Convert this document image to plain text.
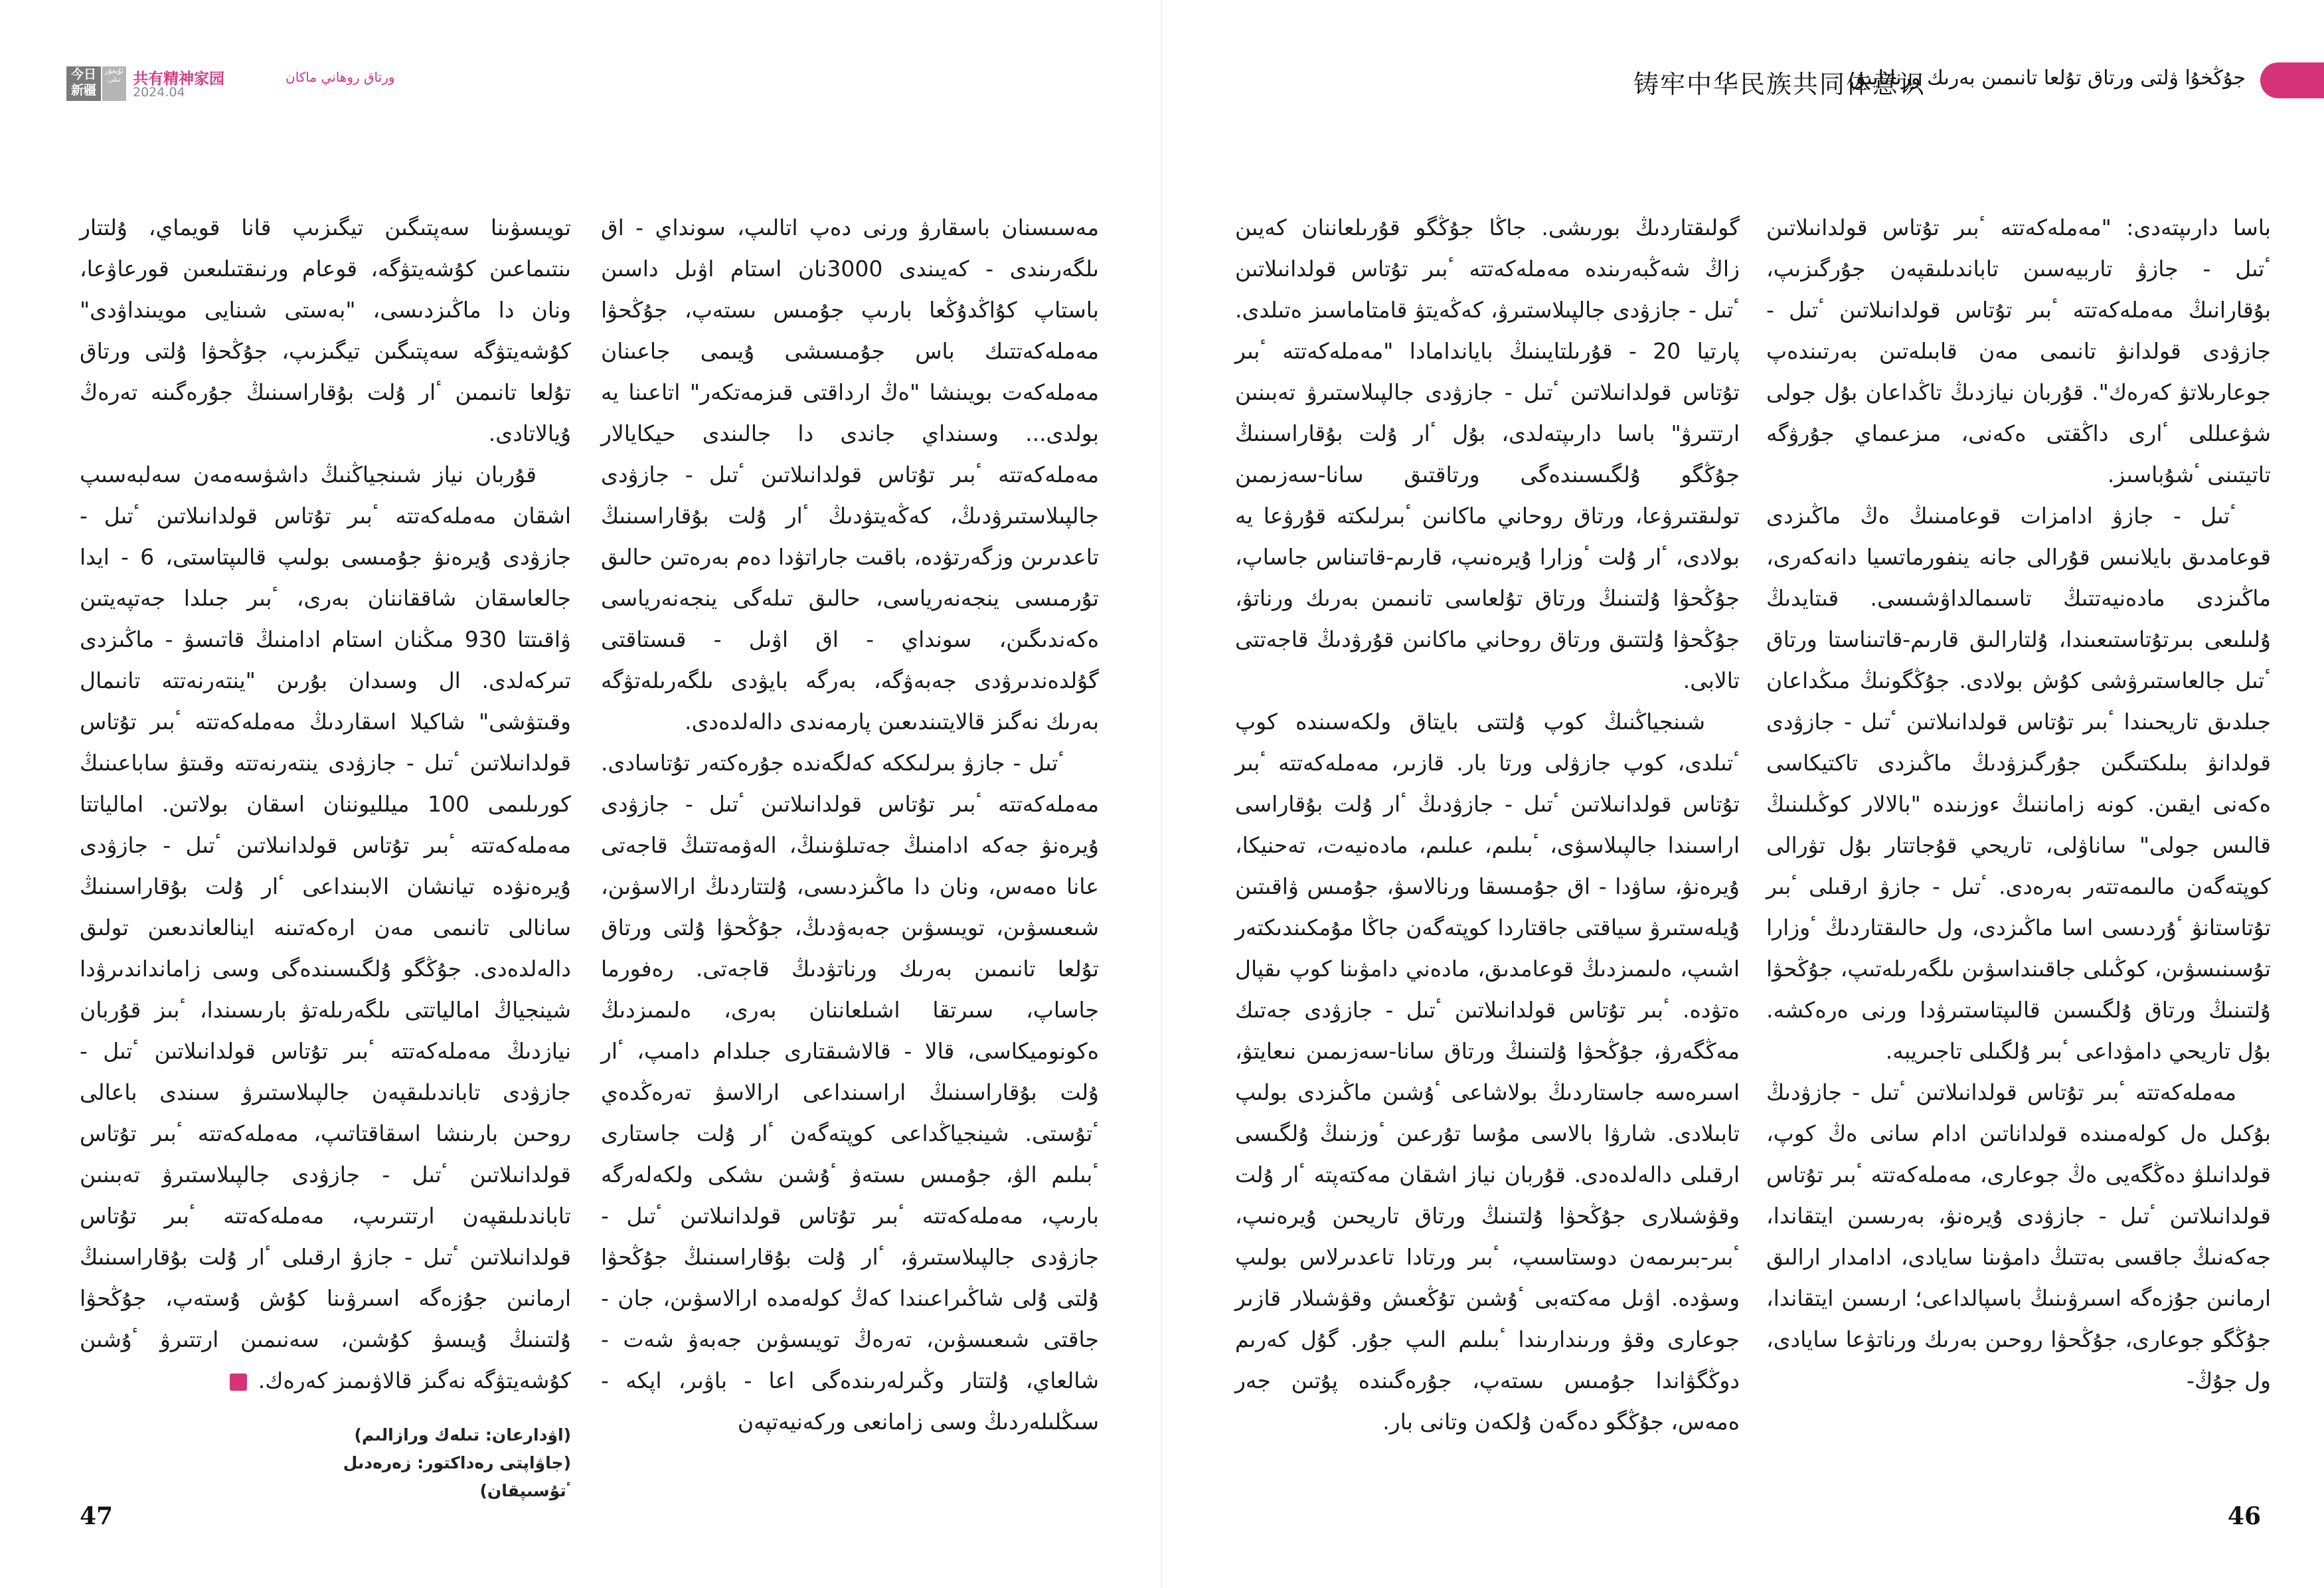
今日
新疆
ئۇيغۇر تىلى 共有精神家园
2024.04
ورتاق روھاني ماكان	铸牢中华民族共同体意识
جۇڭخۇا ۋلتى ورتاق تۇلعا تانىمىن بەرىك ورناتايىق

باسا دارىپتەدى: "مەملەكەتتە ٴبىر تۇتاس قولدانىلاتىن ٴتىل - جازۋ تاربيەسىن تاباندىلىقپەن جۇرگىزىپ، بۇقارانىڭ مەملەكەتتە ٴبىر تۇتاس قولدانىلاتىن ٴتىل - جازۋدى قولدانۋ تانىمى مەن قابىلەتىن بەرتىندەپ جوعارىلاتۋ كەرەك". قۇربان نيازدىڭ تاڭداعان بۇل جولى شۋعىللى ٴارى داڭقتى ەكەنى، مىزعىماي جۇرۋگە تاتيتىنى ٴشۇباسىز.

ٴتىل - جازۋ ادامزات قوعامىنىڭ ەڭ ماڭىزدى قوعامدىق بايلانىس قۇرالى جانە ينفورماتسيا دانەكەرى، ماڭىزدى مادەنيەتتىڭ تاسىمالداۋشىسى. قىتايدىڭ ۇلىلىعى بىرتۇتاستىعىندا، ۇلتارالىق قارىم-قاتىناستا ورتاق ٴتىل جالعاستىرۋشى كۇش بولادى. جۇڭگونىڭ مىڭداعان جىلدىق تاريحىندا ٴبىر تۇتاس قولدانىلاتىن ٴتىل - جازۋدى قولدانۋ بىلىكتىگىن جۇرگىزۋدىڭ ماڭىزدى تاكتيكاسى ەكەنى ايقىن. كونە زاماننىڭ ءوزىندە "بالالار كوڭىلىنىڭ قالىس جولى" ساناۋلى، تاريحي قۇجاتتار بۇل تۋرالى كوپتەگەن مالىمەتتەر بەرەدى. ٴتىل - جازۋ ارقىلى ٴبىر تۇتاستانۋ ٴۇردىسى اسا ماڭىزدى، ول حالىقتاردىڭ ٴوزارا تۇسىنىسۋىن، كوڭىلى جاقىنداسۋىن ىلگەرىلەتىپ، جۇڭحۋا ۇلتىنىڭ ورتاق ۇلگىسىن قالىپتاستىرۋدا ورنى ەرەكشە. بۇل تاريحي دامۋداعى ٴبىر ۇلگىلى تاجىريبە.

مەملەكەتتە ٴبىر تۇتاس قولدانىلاتىن ٴتىل - جازۋدىڭ بۇكىل ەل كولەمىندە قولداناتىن ادام سانى ەڭ كوپ، قولدانىلۋ دەڭگەيى ەڭ جوعارى، مەملەكەتتە ٴبىر تۇتاس قولدانىلاتىن ٴتىل - جازۋدى ۇيرەنۋ، بەرىسىن ايتقاندا، جەكەنىڭ جاقسى بەتتىڭ دامۋىنا سايادى، ادامدار ارالىق ارمانىن جۇزەگە اسىرۋىنىڭ باسپالداعى؛ ارىسىن ايتقاندا، جۇڭگو جوعارى، جۇڭحۋا روحىن بەرىك ورناتۋعا سايادى، ول جۇڭ-

گولىقتاردىڭ بورىشى. جاڭا جۇڭگو قۇرىلعاننان كەيىن زاڭ شەڭبەرىندە مەملەكەتتە ٴبىر تۇتاس قولدانىلاتىن ٴتىل - جازۋدى جالپىلاستىرۋ، كەڭەيتۋ قامتاماسىز ەتىلدى. پارتيا 20 - قۇرىلتايىنىڭ باياندامادا "مەملەكەتتە ٴبىر تۇتاس قولدانىلاتىن ٴتىل - جازۋدى جالپىلاستىرۋ تەبىنىن ارتتىرۋ" باسا دارىپتەلدى، بۇل ٴار ۇلت بۇقاراسىنىڭ جۇڭگو ۇلگىسىندەگى ورتاقتىق سانا-سەزىمىن تولىقتىرۋعا، ورتاق روحاني ماكانىن ٴبىرلىكتە قۇرۋعا يە بولادى، ٴار ۇلت ٴوزارا ۇيرەنىپ، قارىم-قاتىناس جاساپ، جۇڭحۋا ۇلتىنىڭ ورتاق تۇلعاسى تانىمىن بەرىك ورناتۋ، جۇڭحۋا ۇلتتىق ورتاق روحاني ماكانىن قۇرۋدىڭ قاجەتتى تالابى.

شىنجياڭنىڭ كوپ ۇلتتى بايتاق ولكەسىندە كوپ ٴتىلدى، كوپ جازۋلى ورتا بار. قازىر، مەملەكەتتە ٴبىر تۇتاس قولدانىلاتىن ٴتىل - جازۋدىڭ ٴار ۇلت بۇقاراسى اراسىندا جالپىلاسۋى، ٴبىلىم، عىلىم، مادەنيەت، تەحنيكا، ۇيرەنۋ، ساۋدا - اق جۇمىسقا ورنالاسۋ، جۇمىس ۋاقىتىن ۇيلەستىرۋ سياقتى جاقتاردا كوپتەگەن جاڭا مۇمكىندىكتەر اشىپ، ەلىمىزدىڭ قوعامدىق، مادەني دامۋىنا كوپ ىقپال ەتۋدە. ٴبىر تۇتاس قولدانىلاتىن ٴتىل - جازۋدى جەتىك مەڭگەرۋ، جۇڭحۋا ۇلتىنىڭ ورتاق سانا-سەزىمىن نىعايتۋ، اسىرەسە جاستاردىڭ بولاشاعى ٴۇشىن ماڭىزدى بولىپ تابىلادى. شارۋا بالاسى مۇسا تۇرعىن ٴوزىنىڭ ۇلگىسى ارقىلى دالەلدەدى. قۇربان نياز اشقان مەكتەپتە ٴار ۇلت وقۋشىلارى جۇڭحۋا ۇلتىنىڭ ورتاق تاريحىن ۇيرەنىپ، ٴبىر-بىرىمەن دوستاسىپ، ٴبىر ورتادا تاعدىرلاس بولىپ وسۋدە. اۋىل مەكتەبى ٴۇشىن تۇڭعىش وقۋشىلار قازىر جوعارى وقۋ ورىندارىندا ٴبىلىم الىپ جۇر. گۇل كەرىم دوڭگۋاندا جۇمىس ىستەپ، جۇرەگىندە پۇتىن جەر ەمەس، جۇڭگو دەگەن ۇلكەن وتانى بار.

مەسىسنان باسقارۋ ورنى دەپ اتالىپ، سونداي - اق ىلگەرىندى - كەيىندى 3000نان استام اۋىل داسىن باستاپ كۇاڭدۇڭعا بارىپ جۇمىس ىستەپ، جۇڭحۋا مەملەكەتتىك باس جۇمىسشى ۇيىمى جاعىنان مەملەكەت بويىنشا "ەڭ ارداقتى قىزمەتكەر" اتاعىنا يە بولدى... وسىنداي جاندى دا جالىندى حيكايالار مەملەكەتتە ٴبىر تۇتاس قولدانىلاتىن ٴتىل - جازۋدى جالپىلاستىرۋدىڭ، كەڭەيتۋدىڭ ٴار ۇلت بۇقاراسىنىڭ تاعدىرىن وزگەرتۋدە، باقىت جاراتۋدا دەم بەرەتىن حالىق تۇرمىسى ينجەنەرياسى، حالىق تىلەگى ينجەنەرياسى ەكەندىگىن، سونداي - اق اۋىل - قىستاقتى گۇلدەندىرۋدى جەبەۋگە، بەرگە بايۋدى ىلگەرىلەتۋگە بەرىك نەگىز قالايتىندىعىن پارمەندى دالەلدەدى.

ٴتىل - جازۋ بىرلىككە كەلگەندە جۇرەكتەر تۇتاسادى. مەملەكەتتە ٴبىر تۇتاس قولدانىلاتىن ٴتىل - جازۋدى ۇيرەنۋ جەكە ادامنىڭ جەتىلۋىنىڭ، الەۋمەتتىڭ قاجەتى عانا ەمەس، ونان دا ماڭىزدىسى، ۇلتتاردىڭ ارالاسۋىن، شىعىسۋىن، تويىسۋىن جەبەۋدىڭ، جۇڭحۋا ۇلتى ورتاق تۇلعا تانىمىن بەرىك ورناتۋدىڭ قاجەتى. رەفورما جاساپ، سىرتقا اشىلعاننان بەرى، ەلىمىزدىڭ ەكونوميكاسى، قالا - قالاشىقتارى جىلدام دامىپ، ٴار ۇلت بۇقاراسىنىڭ اراسىنداعى ارالاسۋ تەرەڭدەي ٴتۇستى. شينجياڭداعى كوپتەگەن ٴار ۇلت جاستارى ٴبىلىم الۋ، جۇمىس ىستەۋ ٴۇشىن ىشكى ولكەلەرگە بارىپ، مەملەكەتتە ٴبىر تۇتاس قولدانىلاتىن ٴتىل - جازۋدى جالپىلاستىرۋ، ٴار ۇلت بۇقاراسىنىڭ جۇڭحۋا ۇلتى ۇلى شاڭىراعىندا كەڭ كولەمدە ارالاسۋىن، جان - جاقتى شىعىسۋىن، تەرەڭ تويىسۋىن جەبەۋ شەت - شالعاي، ۇلتتار وڭىرلەرىندەگى اعا - باۋىر، اپكە - سىڭلىلەردىڭ وسى زامانعى وركەنيەتپەن

تويىسۋىنا سەپتىگىن تيگىزىپ قانا قويماي، ۇلتتار ىنتىماعىن كۇشەيتۋگە، قوعام ورنىقتىلىعىن قورعاۋعا، ونان دا ماڭىزدىسى، "بەستى شىنايى مويىنداۋدى" كۇشەيتۋگە سەپتىگىن تيگىزىپ، جۇڭحۋا ۇلتى ورتاق تۇلعا تانىمىن ٴار ۇلت بۇقاراسىنىڭ جۇرەگىنە تەرەڭ ۇيالاتادى.

قۇربان نياز شىنجياڭنىڭ داشۋسەمەن سەلبەسىپ اشقان مەملەكەتتە ٴبىر تۇتاس قولدانىلاتىن ٴتىل - جازۋدى ۇيرەنۋ جۇمىسى بولىپ قالىپتاستى، 6 - ايدا جالعاسقان شاققاننان بەرى، ٴبىر جىلدا جەتپەيتىن ۋاقىتتا 930 مىڭنان استام ادامنىڭ قاتىسۋ - ماڭىزدى تىركەلدى. ال وسىدان بۇرىن "ينتەرنەتتە تانىمال وقىتۋشى" شاكيلا اسقاردىڭ مەملەكەتتە ٴبىر تۇتاس قولدانىلاتىن ٴتىل - جازۋدى ينتەرنەتتە وقىتۋ ساباعىنىڭ كورىلىمى 100 ميلليوننان اسقان بولاتىن. امالياتتا مەملەكەتتە ٴبىر تۇتاس قولدانىلاتىن ٴتىل - جازۋدى ۇيرەنۋدە تيانشان الابىنداعى ٴار ۇلت بۇقاراسىنىڭ سانالى تانىمى مەن ارەكەتىنە اينالعاندىعىن تولىق دالەلدەدى. جۇڭگو ۇلگىسىندەگى وسى زامانداندىرۋدا شينجياڭ امالياتتى ىلگەرىلەتۋ بارىسىندا، ٴبىز قۇربان نيازدىڭ مەملەكەتتە ٴبىر تۇتاس قولدانىلاتىن ٴتىل - جازۋدى تاباندىلىقپەن جالپىلاستىرۋ سىندى باعالى روحىن بارىنشا اسقاقتاتىپ، مەملەكەتتە ٴبىر تۇتاس قولدانىلاتىن ٴتىل - جازۋدى جالپىلاستىرۋ تەبىنىن تاباندىلىقپەن ارتتىرىپ، مەملەكەتتە ٴبىر تۇتاس قولدانىلاتىن ٴتىل - جازۋ ارقىلى ٴار ۇلت بۇقاراسىنىڭ ارمانىن جۇزەگە اسىرۋىنا كۇش ۇستەپ، جۇڭحۋا ۇلتىنىڭ ۇيىسۋ كۇشىن، سەنىمىن ارتتىرۋ ٴۇشىن كۇشەيتۋگە نەگىز قالاۋىمىز كەرەك. ل

(اۋدارعان: تىلەك ورازالىم)
(جاۋاپتى رەداكتور: زەرەدىل ٴتۇسىپقان)
47	46
